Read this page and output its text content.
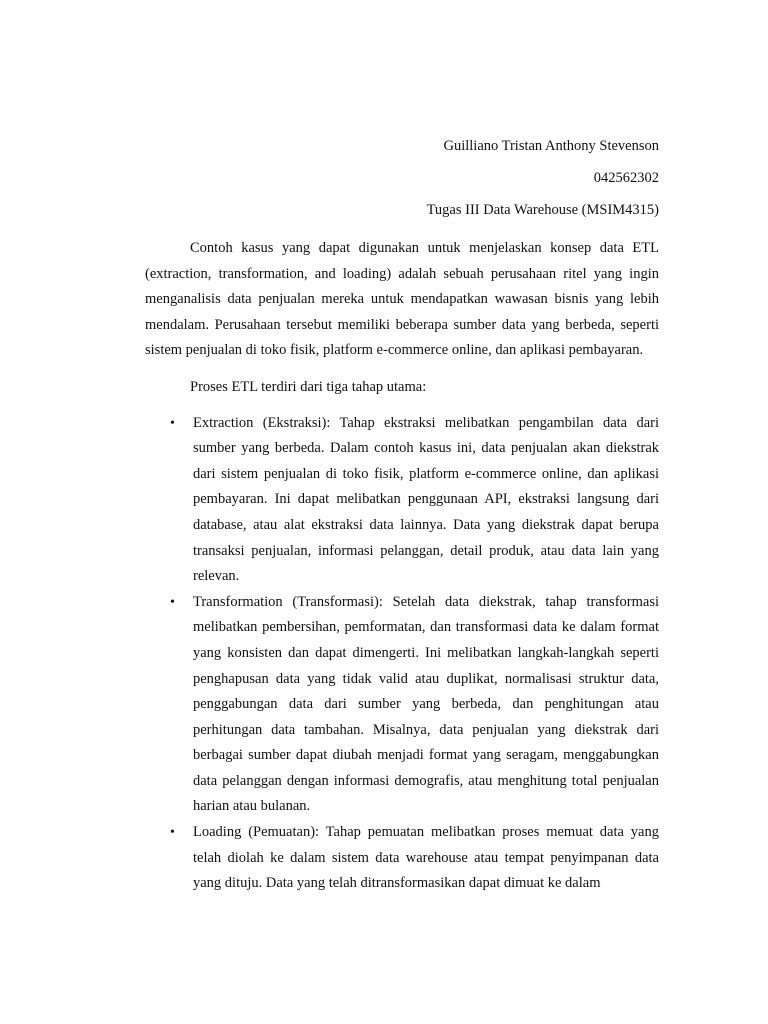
Guilliano Tristan Anthony Stevenson
042562302
Tugas III Data Warehouse (MSIM4315)

Contoh kasus yang dapat digunakan untuk menjelaskan konsep data ETL (extraction, transformation, and loading) adalah sebuah perusahaan ritel yang ingin menganalisis data penjualan mereka untuk mendapatkan wawasan bisnis yang lebih mendalam. Perusahaan tersebut memiliki beberapa sumber data yang berbeda, seperti sistem penjualan di toko fisik, platform e-commerce online, dan aplikasi pembayaran.

Proses ETL terdiri dari tiga tahap utama:

• Extraction (Ekstraksi): Tahap ekstraksi melibatkan pengambilan data dari sumber yang berbeda. Dalam contoh kasus ini, data penjualan akan diekstrak dari sistem penjualan di toko fisik, platform e-commerce online, dan aplikasi pembayaran. Ini dapat melibatkan penggunaan API, ekstraksi langsung dari database, atau alat ekstraksi data lainnya. Data yang diekstrak dapat berupa transaksi penjualan, informasi pelanggan, detail produk, atau data lain yang relevan.
• Transformation (Transformasi): Setelah data diekstrak, tahap transformasi melibatkan pembersihan, pemformatan, dan transformasi data ke dalam format yang konsisten dan dapat dimengerti. Ini melibatkan langkah-langkah seperti penghapusan data yang tidak valid atau duplikat, normalisasi struktur data, penggabungan data dari sumber yang berbeda, dan penghitungan atau perhitungan data tambahan. Misalnya, data penjualan yang diekstrak dari berbagai sumber dapat diubah menjadi format yang seragam, menggabungkan data pelanggan dengan informasi demografis, atau menghitung total penjualan harian atau bulanan.
• Loading (Pemuatan): Tahap pemuatan melibatkan proses memuat data yang telah diolah ke dalam sistem data warehouse atau tempat penyimpanan data yang dituju. Data yang telah ditransformasikan dapat dimuat ke dalam
